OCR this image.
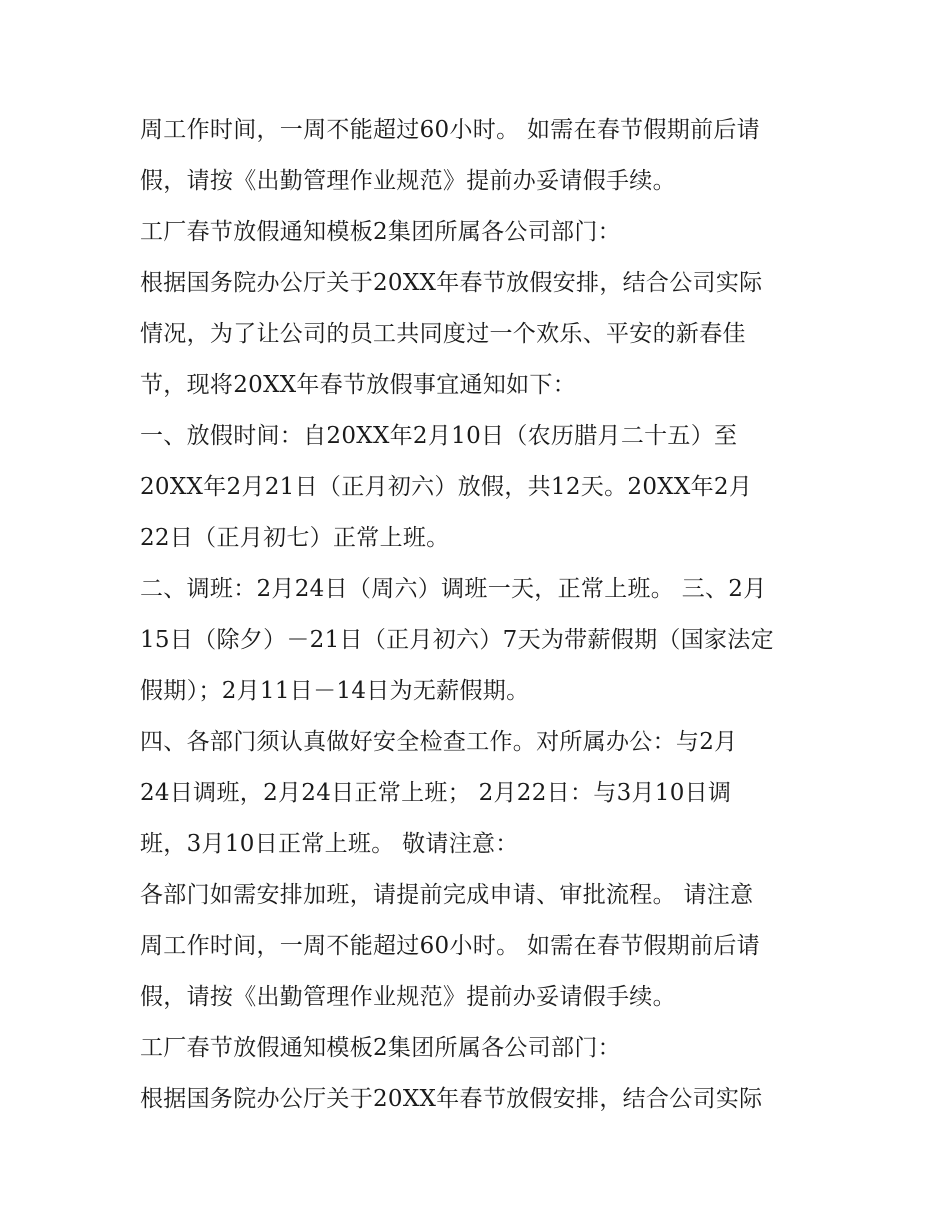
周工作时间，一周不能超过60小时。 如需在春节假期前后请
假，请按《出勤管理作业规范》提前办妥请假手续。
工厂春节放假通知模板2集团所属各公司部门：
根据国务院办公厅关于20XX年春节放假安排，结合公司实际
情况，为了让公司的员工共同度过一个欢乐、平安的新春佳
节，现将20XX年春节放假事宜通知如下：
一、放假时间：自20XX年2月10日（农历腊月二十五）至
20XX年2月21日（正月初六）放假，共12天。20XX年2月
22日（正月初七）正常上班。
二、调班：2月24日（周六）调班一天，正常上班。 三、2月
15日（除夕）－21日（正月初六）7天为带薪假期（国家法定
假期）；2月11日－14日为无薪假期。
四、各部门须认真做好安全检查工作。对所属办公：与2月
24日调班，2月24日正常上班； 2月22日：与3月10日调
班，3月10日正常上班。 敬请注意：
各部门如需安排加班，请提前完成申请、审批流程。 请注意
周工作时间，一周不能超过60小时。 如需在春节假期前后请
假，请按《出勤管理作业规范》提前办妥请假手续。
工厂春节放假通知模板2集团所属各公司部门：
根据国务院办公厅关于20XX年春节放假安排，结合公司实际
